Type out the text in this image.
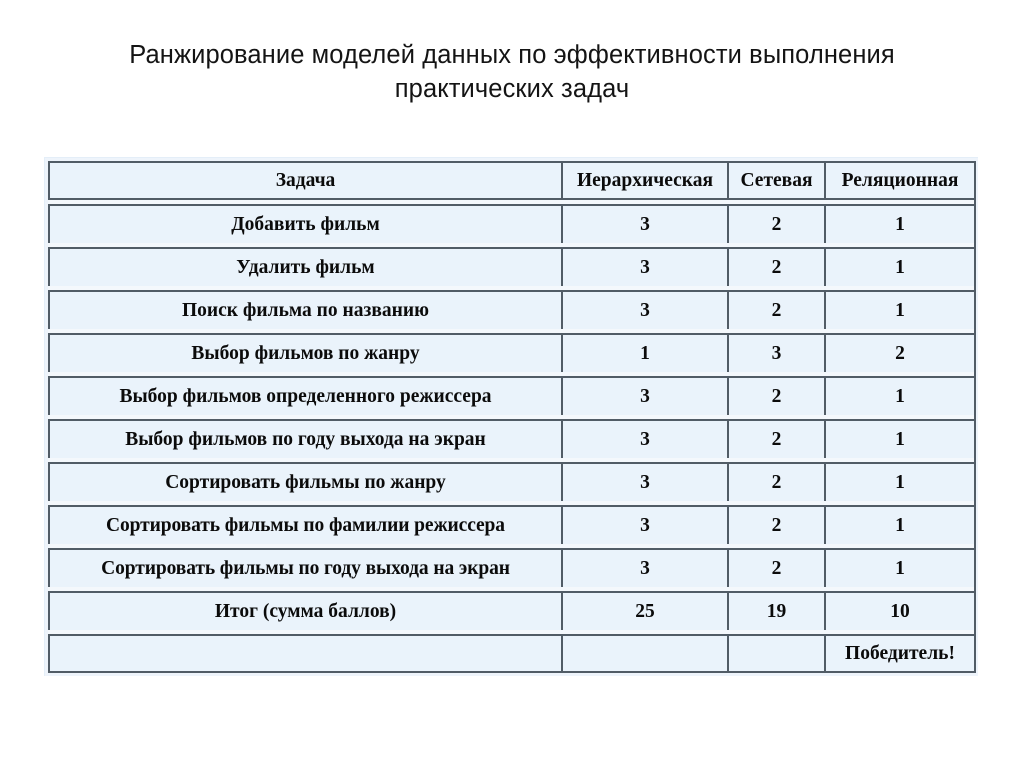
Ранжирование моделей данных по эффективности выполнения практических задач
Задача	Иерархическая	Сетевая	Реляционная

Добавить фильм	3	2	1

Удалить фильм	3	2	1

Поиск фильма по названию	3	2	1

Выбор фильмов по жанру	1	3	2

Выбор фильмов определенного режиссера	3	2	1

Выбор фильмов по году выхода на экран	3	2	1

Сортировать фильмы по жанру	3	2	1

Сортировать фильмы по фамилии режиссера	3	2	1

Сортировать фильмы по году выхода на экран	3	2	1

Итог (сумма баллов)	25	19	10

			Победитель!
